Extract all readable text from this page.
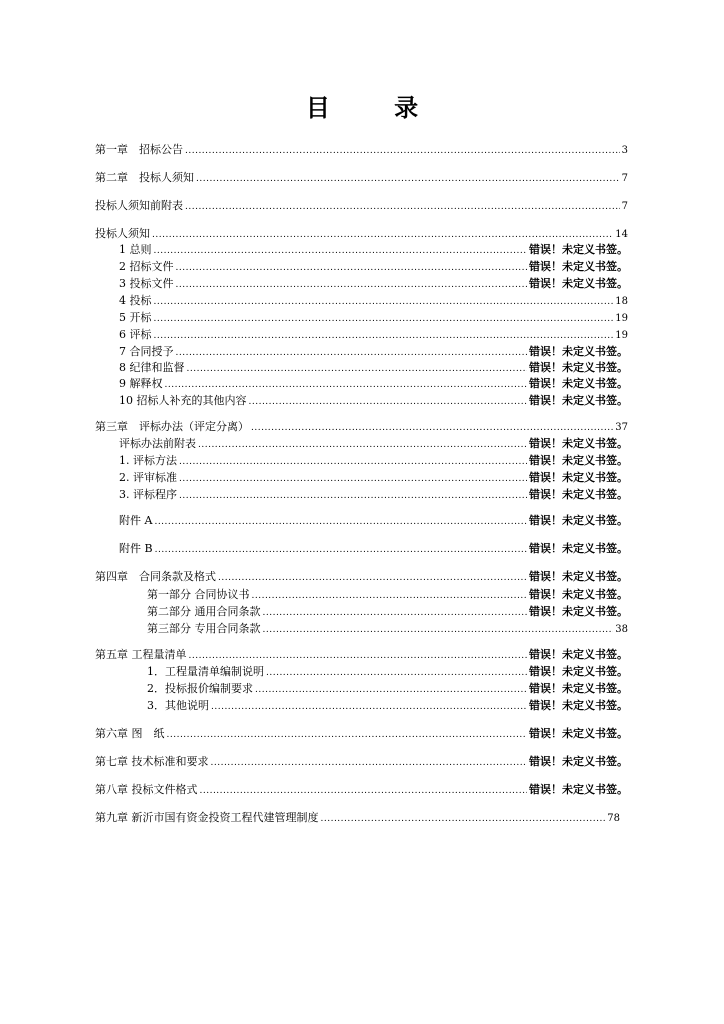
目 录
第一章　招标公告 .....	3
第二章　投标人须知 .....	7
投标人须知前附表 .....	7
投标人须知 .....	14
1 总则 .....	错误！未定义书签。
2 招标文件 .....	错误！未定义书签。
3 投标文件 .....	错误！未定义书签。
4 投标 .....	18
5 开标 .....	19
6 评标 .....	19
7 合同授予 .....	错误！未定义书签。
8 纪律和监督 .....	错误！未定义书签。
9 解释权 .....	错误！未定义书签。
10 招标人补充的其他内容 .....	错误！未定义书签。
第三章　评标办法（评定分离） .....	37
评标办法前附表 .....	错误！未定义书签。
1. 评标方法 .....	错误！未定义书签。
2. 评审标准 .....	错误！未定义书签。
3. 评标程序 .....	错误！未定义书签。
附件 A .....	错误！未定义书签。
附件 B .....	错误！未定义书签。
第四章　合同条款及格式 .....	错误！未定义书签。
第一部分 合同协议书 .....	错误！未定义书签。
第二部分 通用合同条款 .....	错误！未定义书签。
第三部分 专用合同条款 .....	38
第五章 工程量清单 .....	错误！未定义书签。
1．工程量清单编制说明 .....	错误！未定义书签。
2．投标报价编制要求 .....	错误！未定义书签。
3．其他说明 .....	错误！未定义书签。
第六章 图　纸 .....	错误！未定义书签。
第七章 技术标准和要求 .....	错误！未定义书签。
第八章 投标文件格式 .....	错误！未定义书签。
第九章 新沂市国有资金投资工程代建管理制度 .....	78
